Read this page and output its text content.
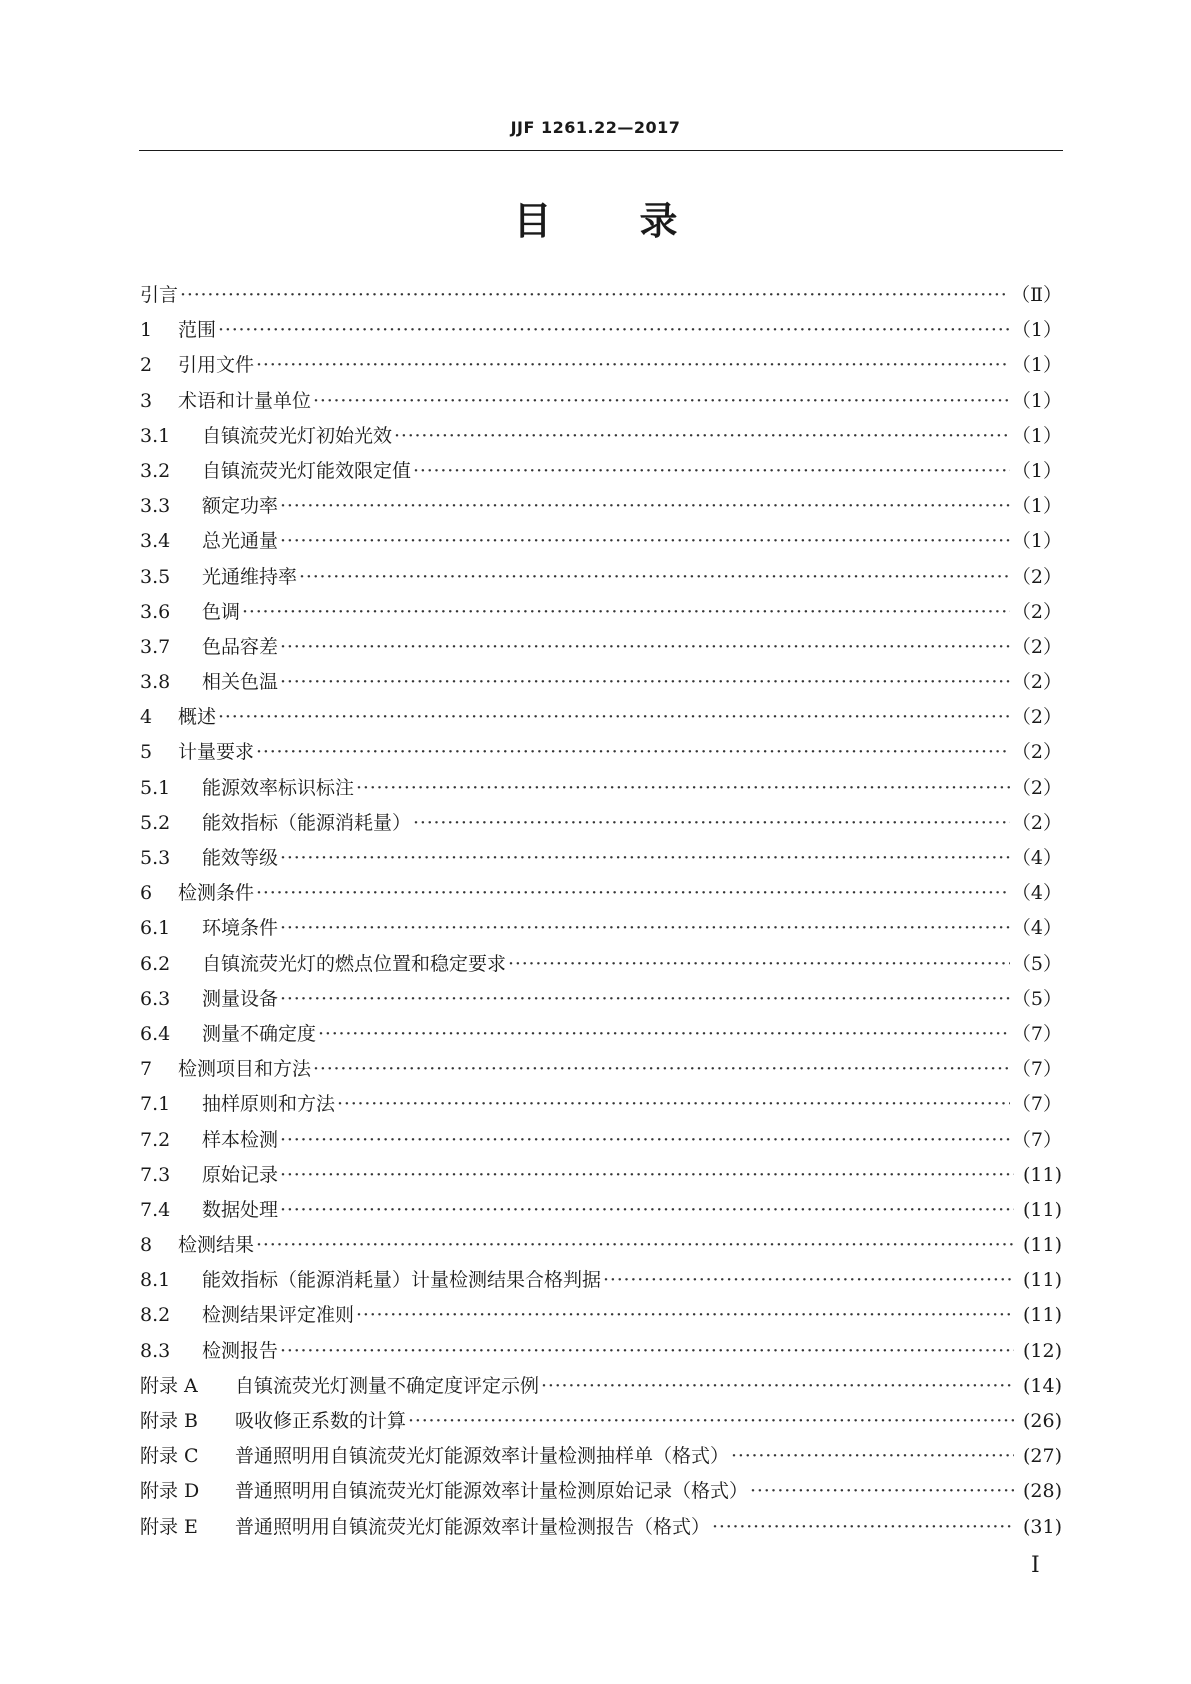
JJF 1261.22—2017
目 录
引言 ·····	（Ⅱ）
1	范围 ·····	（1）
2	引用文件 ·····	（1）
3	术语和计量单位 ·····	（1）
3.1	自镇流荧光灯初始光效 ·····	（1）
3.2	自镇流荧光灯能效限定值 ·····	（1）
3.3	额定功率 ·····	（1）
3.4	总光通量 ·····	（1）
3.5	光通维持率 ·····	（2）
3.6	色调 ·····	（2）
3.7	色品容差 ·····	（2）
3.8	相关色温 ·····	（2）
4	概述 ·····	（2）
5	计量要求 ·····	（2）
5.1	能源效率标识标注 ·····	（2）
5.2	能效指标（能源消耗量） ·····	（2）
5.3	能效等级 ·····	（4）
6	检测条件 ·····	（4）
6.1	环境条件 ·····	（4）
6.2	自镇流荧光灯的燃点位置和稳定要求 ·····	（5）
6.3	测量设备 ·····	（5）
6.4	测量不确定度 ·····	（7）
7	检测项目和方法 ·····	（7）
7.1	抽样原则和方法 ·····	（7）
7.2	样本检测 ·····	（7）
7.3	原始记录 ·····	(11)
7.4	数据处理 ·····	(11)
8	检测结果 ·····	(11)
8.1	能效指标（能源消耗量）计量检测结果合格判据 ·····	(11)
8.2	检测结果评定准则 ·····	(11)
8.3	检测报告 ·····	(12)
附录 A	自镇流荧光灯测量不确定度评定示例 ·····	(14)
附录 B	吸收修正系数的计算 ·····	(26)
附录 C	普通照明用自镇流荧光灯能源效率计量检测抽样单（格式） ·····	(27)
附录 D	普通照明用自镇流荧光灯能源效率计量检测原始记录（格式） ·····	(28)
附录 E	普通照明用自镇流荧光灯能源效率计量检测报告（格式） ·····	(31)
I
